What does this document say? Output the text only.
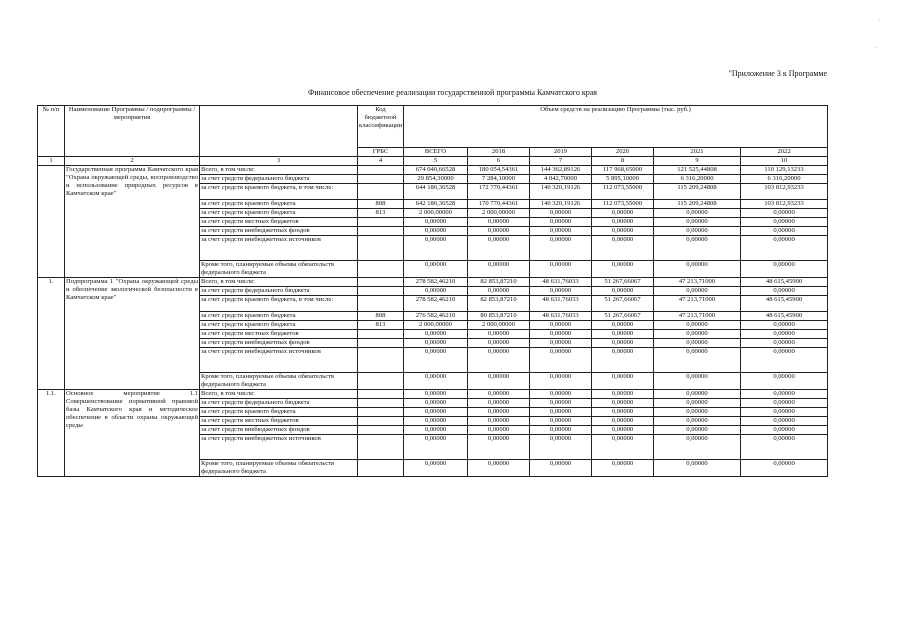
"Приложение 3 к Программе
Финансовое обеспечение реализации государственной программы Камчатского края
№ п/п	Наименование Программы / подпрограммы / мероприятия		Код бюджетной классификации	Объем средств на реализацию Программы (тыс. руб.)					
			ГРБС	ВСЕГО	2018	2019	2020	2021	2022
1	2	3	4	5	6	7	8	9	10
	Государственная программа Камчатского края "Охрана окружающей среды, воспроизводство и использование природных ресурсов в Камчатском крае"	Всего, в том числе:		674 040,66528	180 054,54361	144 362,89126	117 968,65000	121 525,44808	110 129,13233
		за счет средств федерального бюджета		29 854,30000	7 284,10000	4 042,70000	5 895,10000	6 316,20000	6 316,20000
		за счет средств краевого бюджета, в том числе:		644 186,36528	172 770,44361	140 320,19126	112 073,55000	115 209,24808	103 812,93233
		за счет средств краевого бюджета	808	642 186,36528	170 770,44361	140 320,19126	112 073,55000	115 209,24808	103 812,93233
		за счет средств краевого бюджета	813	2 000,00000	2 000,00000	0,00000	0,00000	0,00000	0,00000
		за счет средств местных бюджетов		0,00000	0,00000	0,00000	0,00000	0,00000	0,00000
		за счет средств внебюджетных фондов		0,00000	0,00000	0,00000	0,00000	0,00000	0,00000
		за счет средств внебюджетных источников		0,00000	0,00000	0,00000	0,00000	0,00000	0,00000
		Кроме того, планируемые объемы обязательств федерального бюджета		0,00000	0,00000	0,00000	0,00000	0,00000	0,00000
1.	Подпрограмма 1 "Охрана окружающей среды и обеспечение экологической безопасности в Камчатском крае"	Всего, в том числе:		278 582,46210	82 853,87210	48 631,76033	51 267,66067	47 213,71000	48 615,45900
		за счет средств федерального бюджета		0,00000	0,00000	0,00000	0,00000	0,00000	0,00000
		за счет средств краевого бюджета, в том числе:		278 582,46210	82 853,87210	48 631,76033	51 267,66067	47 213,71000	48 615,45900
		за счет средств краевого бюджета	808	276 582,46210	80 853,87210	48 631,76033	51 267,66067	47 213,71000	48 615,45900
		за счет средств краевого бюджета	813	2 000,00000	2 000,00000	0,00000	0,00000	0,00000	0,00000
		за счет средств местных бюджетов		0,00000	0,00000	0,00000	0,00000	0,00000	0,00000
		за счет средств внебюджетных фондов		0,00000	0,00000	0,00000	0,00000	0,00000	0,00000
		за счет средств внебюджетных источников		0,00000	0,00000	0,00000	0,00000	0,00000	0,00000
		Кроме того, планируемые объемы обязательств федерального бюджета		0,00000	0,00000	0,00000	0,00000	0,00000	0,00000
1.1.	Основное мероприятие 1.1 Совершенствование нормативной правовой базы Камчатского края и методическое обеспечение в области охраны окружающей среды	Всего, в том числе:		0,00000	0,00000	0,00000	0,00000	0,00000	0,00000
		за счет средств федерального бюджета		0,00000	0,00000	0,00000	0,00000	0,00000	0,00000
		за счет средств краевого бюджета		0,00000	0,00000	0,00000	0,00000	0,00000	0,00000
		за счет средств местных бюджетов		0,00000	0,00000	0,00000	0,00000	0,00000	0,00000
		за счет средств внебюджетных фондов		0,00000	0,00000	0,00000	0,00000	0,00000	0,00000
		за счет средств внебюджетных источников		0,00000	0,00000	0,00000	0,00000	0,00000	0,00000
		Кроме того, планируемые объемы обязательств федерального бюджета		0,00000	0,00000	0,00000	0,00000	0,00000	0,00000
·
·
